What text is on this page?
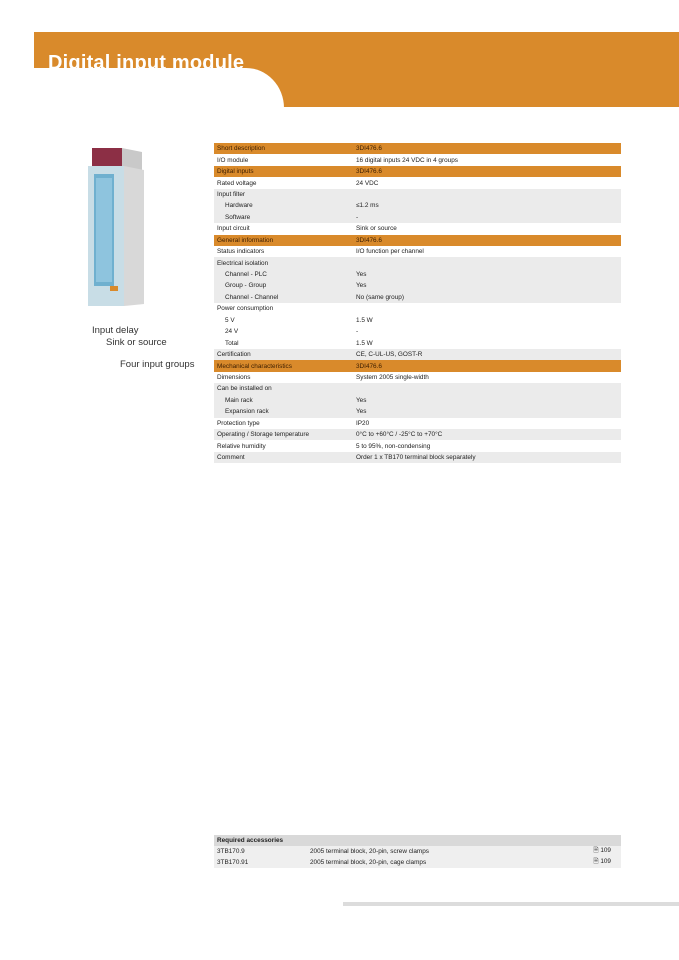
Digital input module
Input delay
Sink or source
Four input groups
Short description	3DI476.6
I/O module	16 digital inputs 24 VDC in 4 groups
Digital inputs	3DI476.6
Rated voltage	24 VDC
Input filter	
Hardware	≤1.2 ms
Software	-
Input circuit	Sink or source
General information	3DI476.6
Status indicators	I/O function per channel
Electrical isolation	
Channel - PLC	Yes
Group - Group	Yes
Channel - Channel	No (same group)
Power consumption	
5 V	1.5 W
24 V	-
Total	1.5 W
Certification	CE, C-UL-US, GOST-R
Mechanical characteristics	3DI476.6
Dimensions	System 2005 single-width
Can be installed on	
Main rack	Yes
Expansion rack	Yes
Protection type	IP20
Operating / Storage temperature	0°C to +60°C / -25°C to +70°C
Relative humidity	5 to 95%, non-condensing
Comment	Order 1 x TB170 terminal block separately
Required accessories		
3TB170.9	2005 terminal block, 20-pin, screw clamps	🗎 109
3TB170.91	2005 terminal block, 20-pin, cage clamps	🗎 109
